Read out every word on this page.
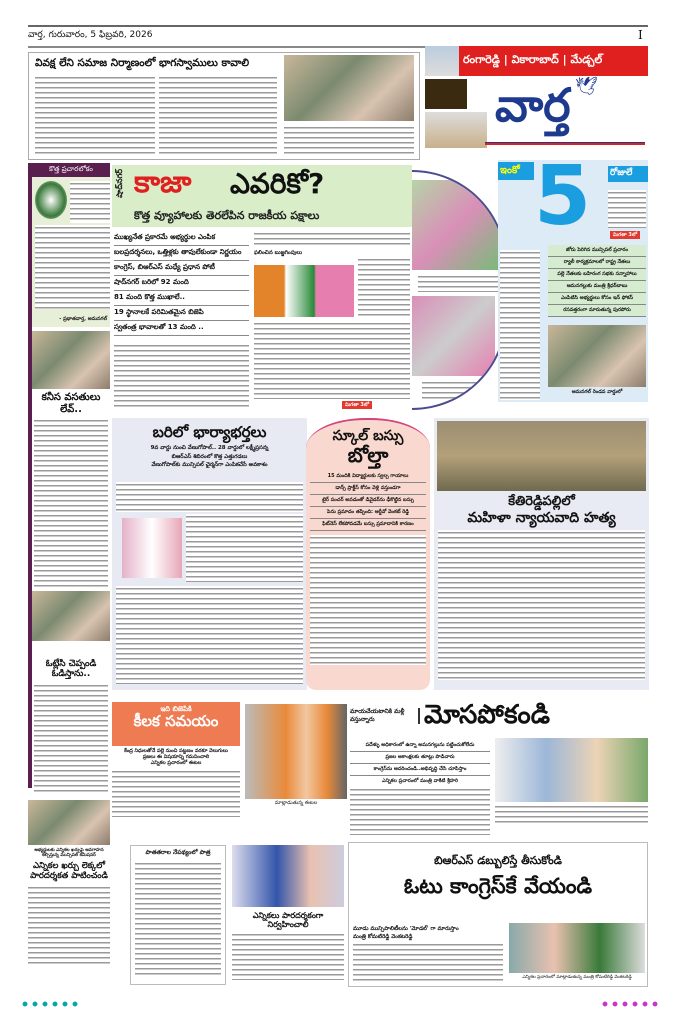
వార్త, గురువారం, 5 ఫిబ్రవరి, 2026	I
వివక్ష లేని సమాజ నిర్మాణంలో భాగస్వాములు కావాలి	రంగారెడ్డి | వికారాబాద్ | మేడ్చల్
వార్త 🕊
కొత్త ప్రచారలోకం
- ప్రభాతవార్త, అమనగల్
కనీస వసతులు లేవ్..
ఓట్లేసి చెప్పండి ఓడిస్తాను..
షాద్‌నగర్ కాజా ఎవరికో?
కొత్త వ్యూహాలకు తెరలేపిన రాజకీయ పక్షాలు
ముఖ్యనేత ప్రకారమే అభ్యర్థుల ఎంపిక
బలప్రదర్శనలు, ఒత్తిళ్లకు తావులేకుండా నిర్ణయం
కాంగ్రెస్, బిఆర్ఎస్ మధ్యే ప్రధాన పోటీ
షాద్‌నగర్ బరిలో 92 మంది
81 మంది కొత్త ముఖాలే..
19 స్థానాలకే పరిమితమైన బిజెపి
స్వతంత్ర భావాలతో 13 మంది ..
ఫలించిన బుజ్జగింపులు
మిగతా 3లో
ఇంకో 5 రోజులే
జోరు పెరిగిన మున్సిపల్ ప్రచారం
ర్యాలీ కార్యక్రమాలలో రాష్ట్ర నేతలు
పల్లె నేతలకు బహిరంగ సభకు సన్నాహాలు
ఆమనగల్లుకు మంత్రి శ్రీధర్‌బాబు
ఎంపిటిసి అభ్యర్థులు కోసం ఇన్ ఫోకస్
రసవత్తరంగా మారుతున్న పురపోరు
మిగతా 3లో
ఆమనగల్ రెండవ వార్డులో
బరిలో భార్యాభర్తలు
9వ వార్డు నుంచి వేణుగోపాల్.. 28 వార్డులో లక్ష్మీప్రసన్న
బిఆర్ఎస్ శిబిరంలో కొత్త ఎత్తుగడలు
వేణుగోపాల్‌కు మున్సిపల్ ఛైర్మన్‌గా ఎంపికచేసే అవకాశం
స్కూల్ బస్సు
బోల్తా
15 మందికి విద్యార్థులకు స్వల్ప గాయాలు
డాన్స్ ప్రాక్టీస్ కోసం వెళ్లి వస్తుండగా
టైర్ పంచర్ అవడంతో డివైడర్‌ను ఢీకొట్టిన బస్సు
పెను ప్రమాదం తప్పింది: ఆర్డీవో వెంకట్ రెడ్డి
ఫిట్‌నెస్ లేకపోవడమే బస్సు ప్రమాదానికి కారణం
కేతిరెడ్డిపల్లిలో
మహిళా న్యాయవాది హత్య
ఇది బిజెపికి
కీలక సమయం
కేంద్ర నిధులతోనే పల్లె నుంచి పట్టణం వరకూ వెలుగులు
ప్రజలు ఈ విషయాన్ని గమనించాలి
ఎన్నికల ప్రచారంలో ఈటల
మాట్లాడుతున్న ఈటల
మాయచేయటానికి మళ్లీ వస్తున్నారు	మోసపోకండి
పదేళ్ళు అధికారంలో ఉన్నా అమనగల్లును పట్టించుకోలేదు
ప్రజల ఆకాంక్షలకు తూట్లు పొడిచారు
కాంగ్రెస్‌ను ఆదరించండి..అభివృద్ధి చేసి చూపిస్తాం
ఎన్నికల ప్రచారంలో మంత్రి వాకిటి శ్రీహరి
అభ్యర్థులకు ఎన్నికల ఖర్చుపై అవగాహన కల్పిస్తున్న మున్సిపల్ కమిషనర్
ఎన్నికల ఖర్చు లెక్కలో పారదర్శకత పాటించండి
పాతతరాల నేపథ్యంలో పాత్ర
ఎన్నికలు పారదర్శకంగా నిర్వహించాలి
బిఆర్ఎస్ డబ్బులిస్తే తీసుకోండి
ఓటు కాంగ్రెస్‌కే వేయండి
మూడు మున్సిపాలిటీలను 'మోడల్' గా మారుస్తాం
మంత్రి కోమటిరెడ్డి వెంకటరెడ్డి
ఎన్నికల ప్రచారంలో మాట్లాడుతున్న మంత్రి కోమటిరెడ్డి వెంకటరెడ్డి
